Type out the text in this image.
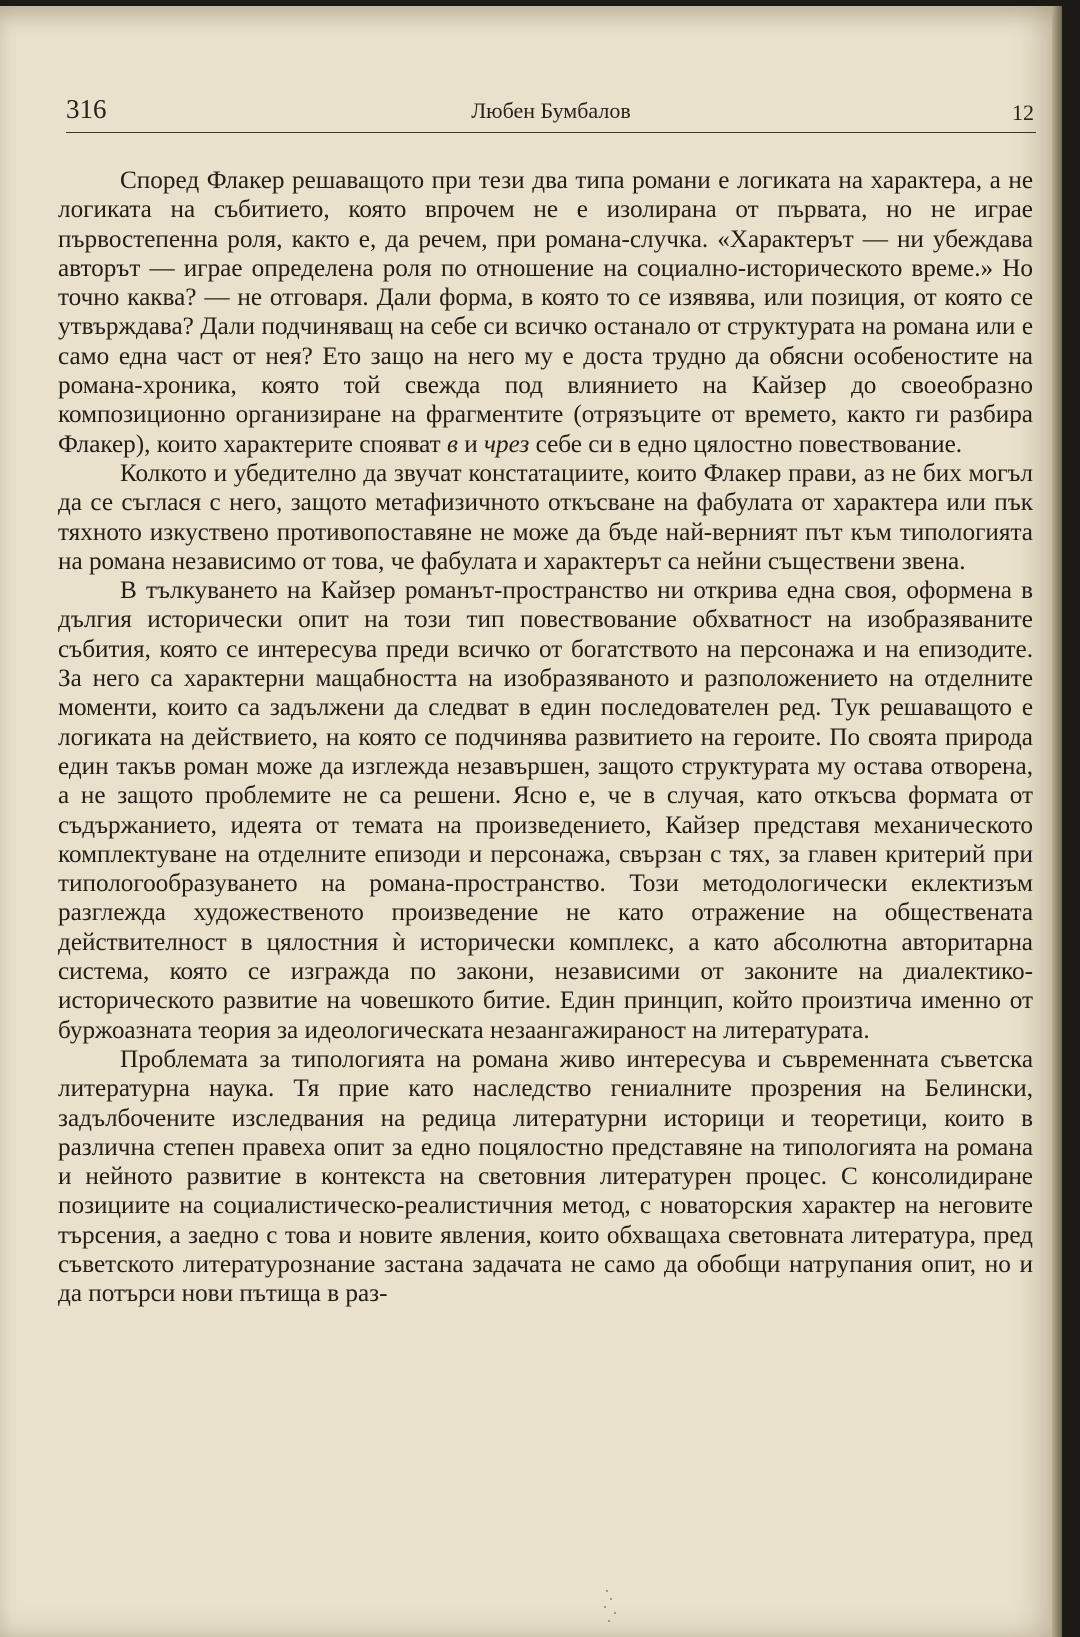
316	Любен Бумбалов	12

Според Флакер решаващото при тези два типа романи е логиката на характера, а не логиката на събитието, която впрочем не е изолирана от първата, но не играе първостепенна роля, както е, да речем, при романа-случка. «Характерът — ни убеждава авторът — играе определена роля по отношение на социално-историческото време.» Но точно каква? — не отговаря. Дали форма, в която то се изявява, или позиция, от която се утвърждава? Дали подчиняващ на себе си всичко останало от структурата на романа или е само една част от нея? Ето защо на него му е доста трудно да обясни особеностите на романа-хроника, която той свежда под влиянието на Кайзер до своеобразно композиционно организиране на фрагментите (отрязъците от времето, както ги разбира Флакер), които характерите спояват в и чрез себе си в едно цялостно повествование.

Колкото и убедително да звучат констатациите, които Флакер прави, аз не бих могъл да се съглася с него, защото метафизичното откъсване на фабулата от характера или пък тяхното изкуствено противопоставяне не може да бъде най-верният път към типологията на романа независимо от това, че фабулата и характерът са нейни съществени звена.

В тълкуването на Кайзер романът-пространство ни открива една своя, оформена в дългия исторически опит на този тип повествование обхватност на изобразяваните събития, която се интересува преди всичко от богатството на персонажа и на епизодите. За него са характерни мащабността на изобразяваното и разположението на отделните моменти, които са задължени да следват в един последователен ред. Тук решаващото е логиката на действието, на която се подчинява развитието на героите. По своята природа един такъв роман може да изглежда незавършен, защото структурата му остава отворена, а не защото проблемите не са решени. Ясно е, че в случая, като откъсва формата от съдържанието, идеята от темата на произведението, Кайзер представя механическото комплектуване на отделните епизоди и персонажа, свързан с тях, за главен критерий при типологообразуването на романа-пространство. Този методологически еклектизъм разглежда художественото произведение не като отражение на обществената действителност в цялостния ѝ исторически комплекс, а като абсолютна авторитарна система, която се изгражда по закони, независими от законите на диалектико-историческото развитие на човешкото битие. Един принцип, който произтича именно от буржоазната теория за идеологическата незаангажираност на литературата.

Проблемата за типологията на романа живо интересува и съвременната съветска литературна наука. Тя прие като наследство гениалните прозрения на Белински, задълбочените изследвания на редица литературни историци и теоретици, които в различна степен правеха опит за едно поцялостно представяне на типологията на романа и нейното развитие в контекста на световния литературен процес. С консолидиране позициите на социалистическо-реалистичния метод, с новаторския характер на неговите търсения, а заедно с това и новите явления, които обхващаха световната литература, пред съветското литературознание застана задачата не само да обобщи натрупания опит, но и да потърси нови пътища в раз-
